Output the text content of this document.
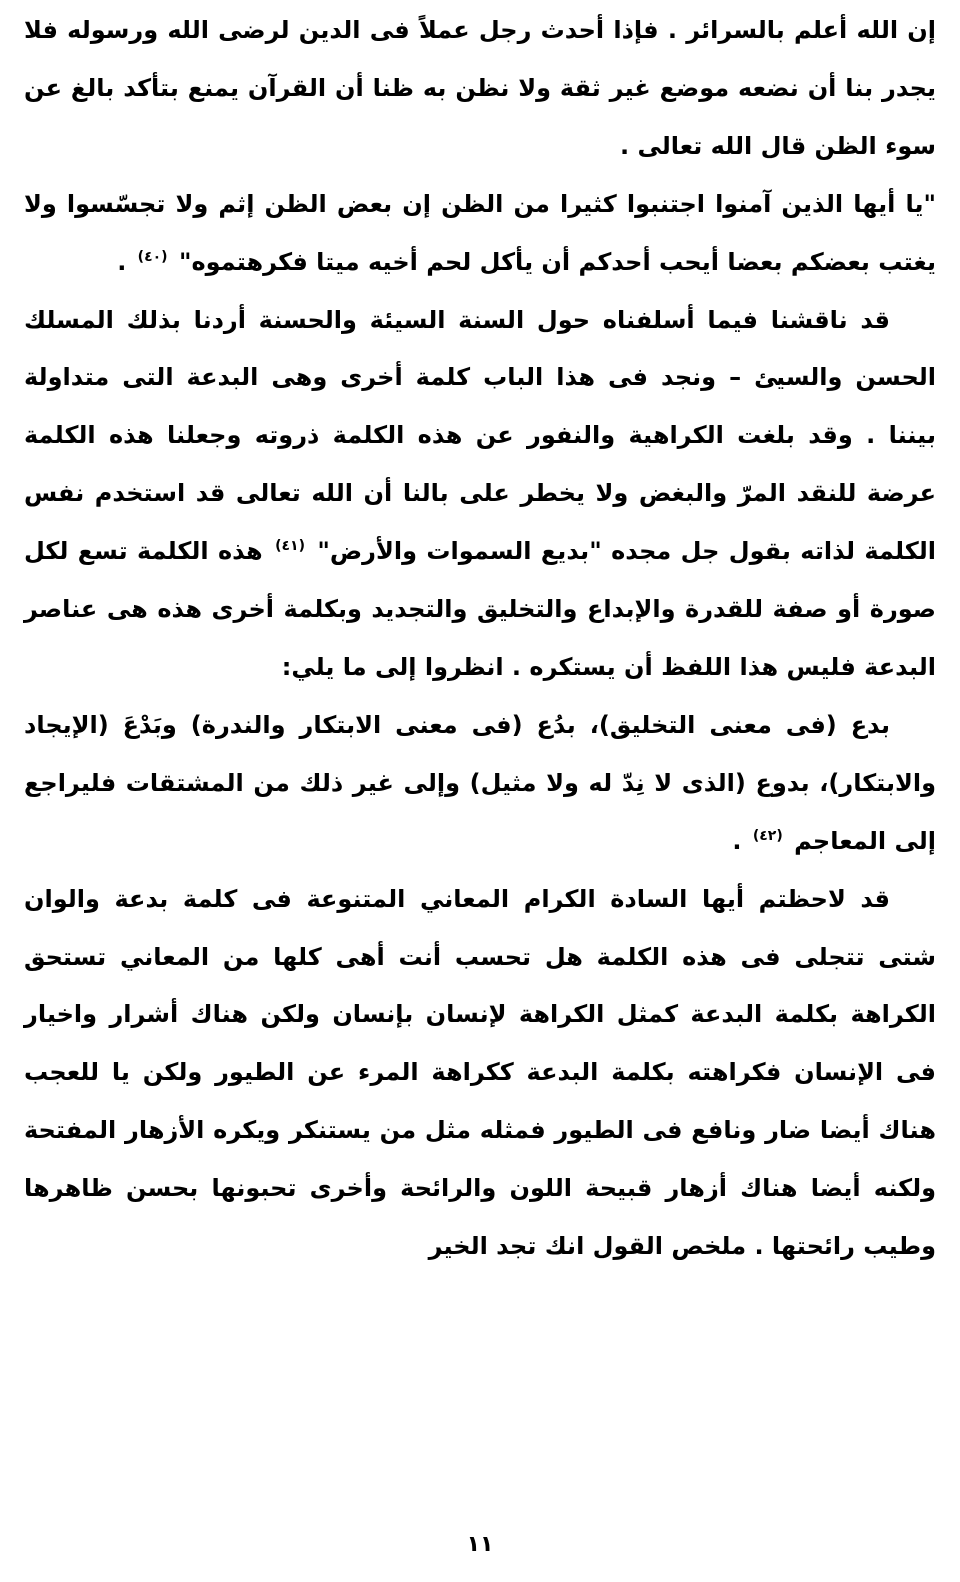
إن الله أعلم بالسرائر . فإذا أحدث رجل عملاً فى الدين لرضى الله ورسوله فلا يجدر بنا أن نضعه موضع غير ثقة ولا نظن به ظنا أن القرآن يمنع بتأكد بالغ عن سوء الظن قال الله تعالى .

"يا أيها الذين آمنوا اجتنبوا كثيرا من الظن إن بعض الظن إثم ولا تجسّسوا ولا يغتب بعضكم بعضا أيحب أحدكم أن يأكل لحم أخيه ميتا فكرهتموه" $^{(٤٠)}$ .

قد ناقشنا فيما أسلفناه حول السنة السيئة والحسنة أردنا بذلك المسلك الحسن والسيئ – ونجد فى هذا الباب كلمة أخرى وهى البدعة التى متداولة بيننا . وقد بلغت الكراهية والنفور عن هذه الكلمة ذروته وجعلنا هذه الكلمة عرضة للنقد المرّ والبغض ولا يخطر على بالنا أن الله تعالى قد استخدم نفس الكلمة لذاته بقول جل مجده "بديع السموات والأرض" $^{(٤١)}$ هذه الكلمة تسع لكل صورة أو صفة للقدرة والإبداع والتخليق والتجديد وبكلمة أخرى هذه هى عناصر البدعة فليس هذا اللفظ أن يستكره . انظروا إلى ما يلي:

بدع (فى معنى التخليق)، بدُع (فى معنى الابتكار والندرة) وبَدْعَ (الإيجاد والابتكار)، بدوع (الذى لا نِدّ له ولا مثيل) وإلى غير ذلك من المشتقات فليراجع إلى المعاجم $^{(٤٢)}$ .

قد لاحظتم أيها السادة الكرام المعاني المتنوعة فى كلمة بدعة والوان شتى تتجلى فى هذه الكلمة هل تحسب أنت أهى كلها من المعاني تستحق الكراهة بكلمة البدعة كمثل الكراهة لإنسان بإنسان ولكن هناك أشرار واخيار فى الإنسان فكراهته بكلمة البدعة ككراهة المرء عن الطيور ولكن يا للعجب هناك أيضا ضار ونافع فى الطيور فمثله مثل من يستنكر ويكره الأزهار المفتحة ولكنه أيضا هناك أزهار قبيحة اللون والرائحة وأخرى تحبونها بحسن ظاهرها وطيب رائحتها . ملخص القول انك تجد الخير

١١
